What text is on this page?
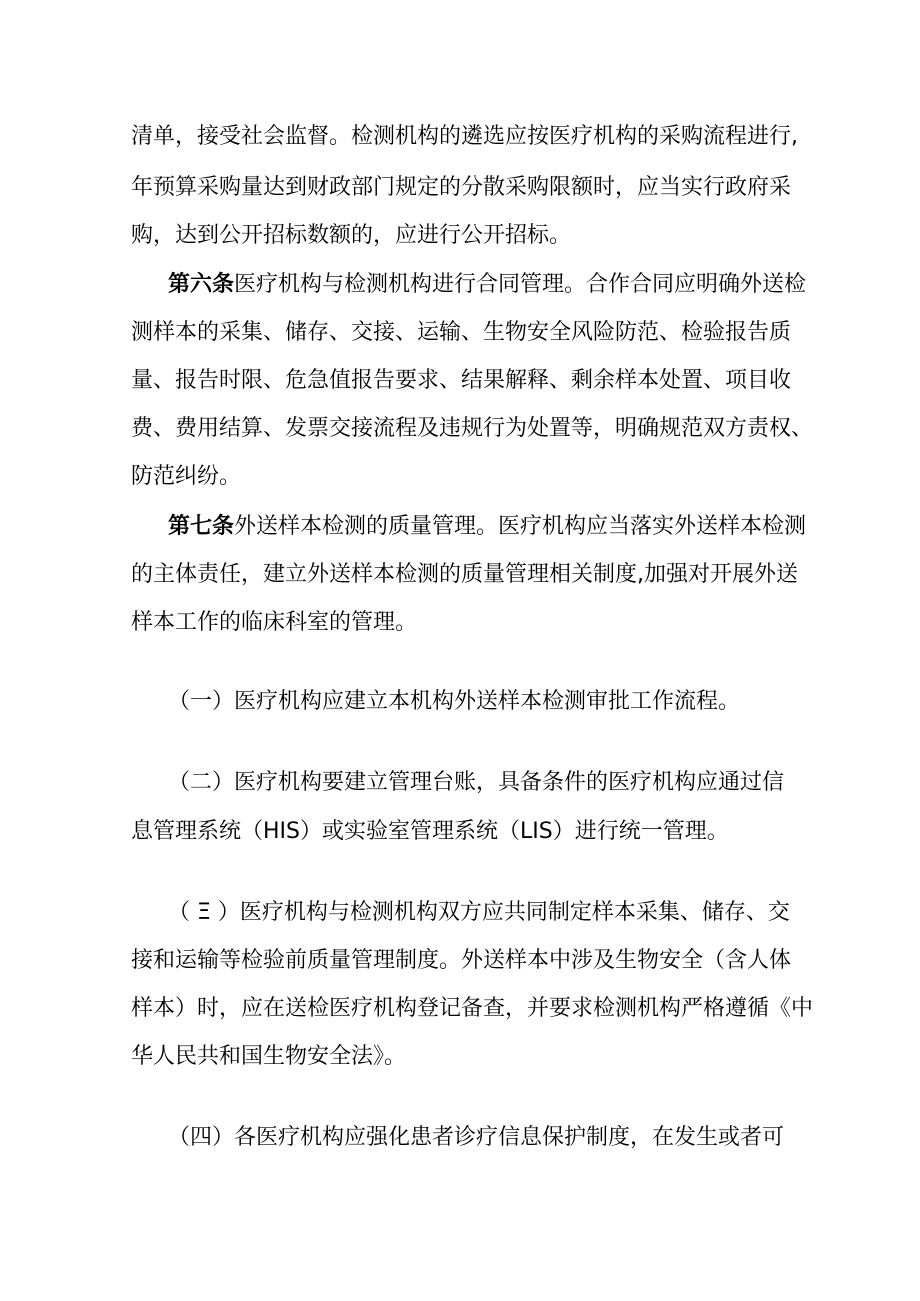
清单，接受社会监督。检测机构的遴选应按医疗机构的采购流程进行,

年预算采购量达到财政部门规定的分散采购限额时，应当实行政府采

购，达到公开招标数额的，应进行公开招标。

第六条医疗机构与检测机构进行合同管理。合作合同应明确外送检

测样本的采集、储存、交接、运输、生物安全风险防范、检验报告质

量、报告时限、危急值报告要求、结果解释、剩余样本处置、项目收

费、费用结算、发票交接流程及违规行为处置等，明确规范双方责权、

防范纠纷。

第七条外送样本检测的质量管理。医疗机构应当落实外送样本检测

的主体责任，建立外送样本检测的质量管理相关制度,加强对开展外送

样本工作的临床科室的管理。

（一）医疗机构应建立本机构外送样本检测审批工作流程。

（二）医疗机构要建立管理台账，具备条件的医疗机构应通过信

息管理系统（HIS）或实验室管理系统（LIS）进行统一管理。

（ Ξ ）医疗机构与检测机构双方应共同制定样本采集、储存、交

接和运输等检验前质量管理制度。外送样本中涉及生物安全（含人体

样本）时，应在送检医疗机构登记备查，并要求检测机构严格遵循《中

华人民共和国生物安全法》。

（四）各医疗机构应强化患者诊疗信息保护制度，在发生或者可
